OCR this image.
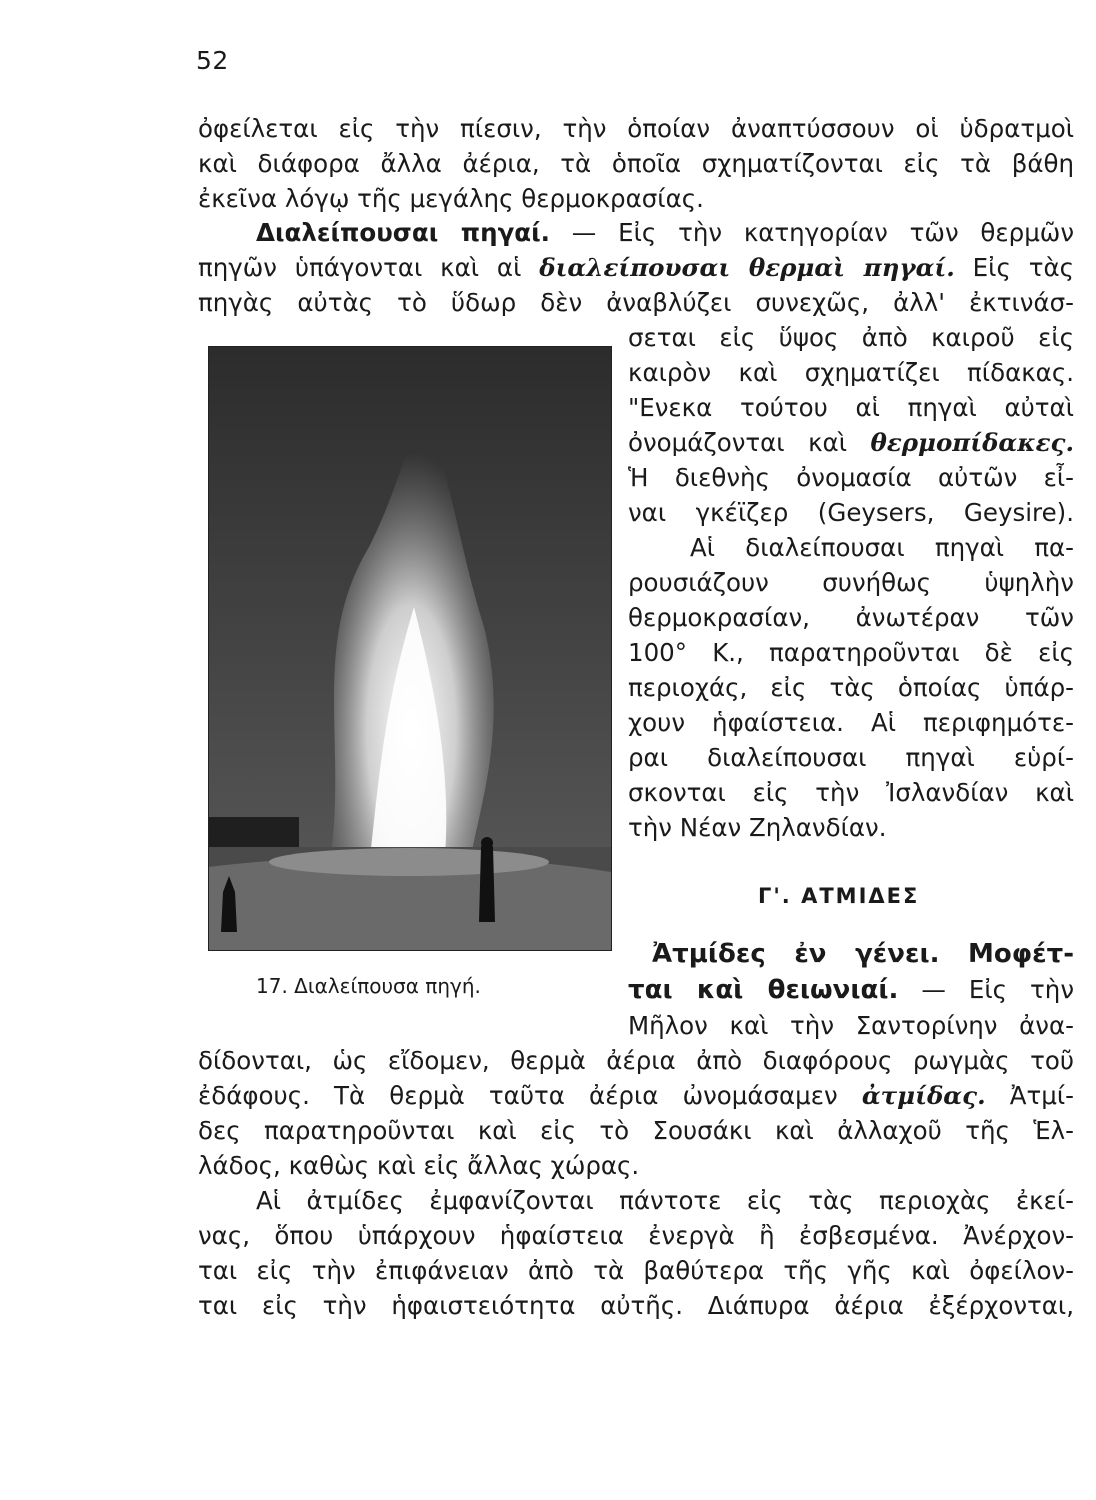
52
ὀφείλεται εἰς τὴν πίεσιν, τὴν ὁποίαν ἀναπτύσσουν οἱ ὑδρατμοὶ
καὶ διάφορα ἄλλα ἀέρια, τὰ ὁποῖα σχηματίζονται εἰς τὰ βάθη
ἐκεῖνα λόγῳ τῆς μεγάλης θερμοκρασίας.
Διαλείπουσαι πηγαί. — Εἰς τὴν κατηγορίαν τῶν θερμῶν
πηγῶν ὑπάγονται καὶ αἱ διαλείπουσαι θερμαὶ πηγαί. Εἰς τὰς
πηγὰς αὐτὰς τὸ ὕδωρ δὲν ἀναβλύζει συνεχῶς, ἀλλ' ἐκτινάσ-
σεται εἰς ὕψος ἀπὸ καιροῦ εἰς
καιρὸν καὶ σχηματίζει πίδακας.
"Ενεκα τούτου αἱ πηγαὶ αὐταὶ
ὀνομάζονται καὶ θερμοπίδακες.
Ἡ διεθνὴς ὀνομασία αὐτῶν εἶ-
ναι γκέϊζερ (Geysers, Geysire).
Αἱ διαλείπουσαι πηγαὶ πα-
ρουσιάζουν συνήθως ὑψηλὴν
θερμοκρασίαν, ἀνωτέραν τῶν
100° Κ., παρατηροῦνται δὲ εἰς
περιοχάς, εἰς τὰς ὁποίας ὑπάρ-
χουν ἡφαίστεια. Αἱ περιφημότε-
ραι διαλείπουσαι πηγαὶ εὑρί-
σκονται εἰς τὴν Ἰσλανδίαν καὶ
τὴν Νέαν Ζηλανδίαν.
17. Διαλείπουσα πηγή.
Γ'. ΑΤΜΙΔΕΣ
Ἀτμίδες ἐν γένει. Μοφέτ-
ται καὶ θειωνιαί. — Εἰς τὴν
Μῆλον καὶ τὴν Σαντορίνην ἀνα-
δίδονται, ὡς εἴδομεν, θερμὰ ἀέρια ἀπὸ διαφόρους ρωγμὰς τοῦ
ἐδάφους. Τὰ θερμὰ ταῦτα ἀέρια ὠνομάσαμεν ἀτμίδας. Ἀτμί-
δες παρατηροῦνται καὶ εἰς τὸ Σουσάκι καὶ ἀλλαχοῦ τῆς Ἑλ-
λάδος, καθὼς καὶ εἰς ἄλλας χώρας.
Αἱ ἀτμίδες ἐμφανίζονται πάντοτε εἰς τὰς περιοχὰς ἐκεί-
νας, ὅπου ὑπάρχουν ἡφαίστεια ἐνεργὰ ἢ ἐσβεσμένα. Ἀνέρχον-
ται εἰς τὴν ἐπιφάνειαν ἀπὸ τὰ βαθύτερα τῆς γῆς καὶ ὀφείλον-
ται εἰς τὴν ἡφαιστειότητα αὐτῆς. Διάπυρα ἀέρια ἐξέρχονται,
